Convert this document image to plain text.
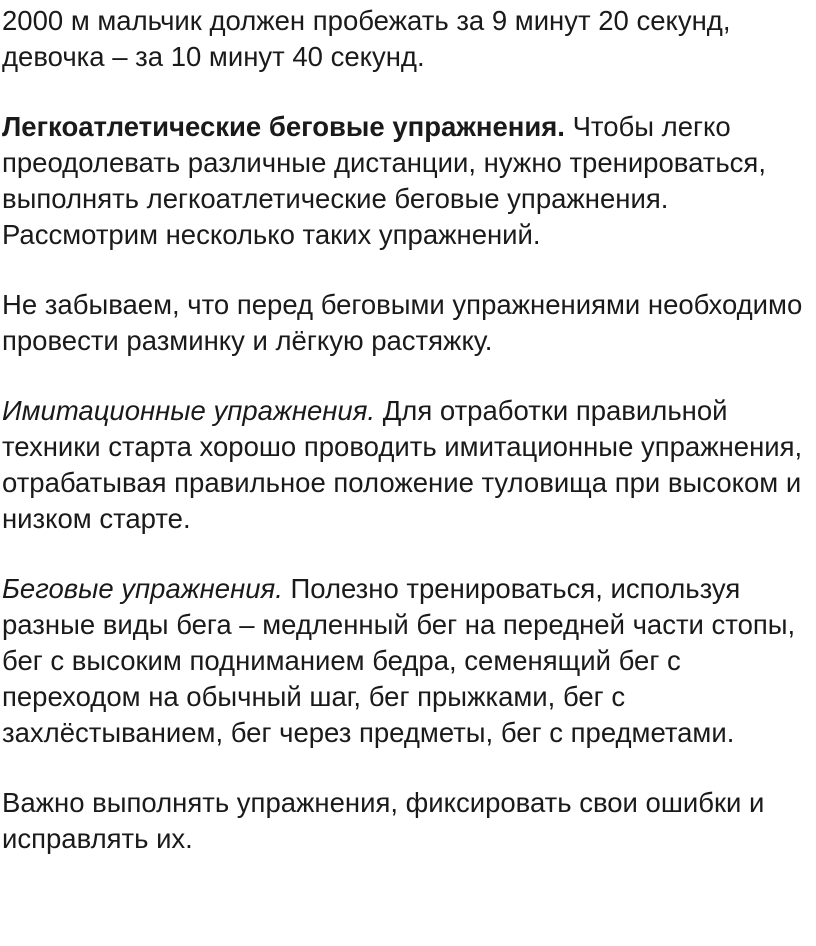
2000 м мальчик должен пробежать за 9 минут 20 секунд, девочка – за 10 минут 40 секунд.

Легкоатлетические беговые упражнения. Чтобы легко преодолевать различные дистанции, нужно тренироваться, выполнять легкоатлетические беговые упражнения. Рассмотрим несколько таких упражнений.

Не забываем, что перед беговыми упражнениями необходимо провести разминку и лёгкую растяжку.

Имитационные упражнения. Для отработки правильной техники старта хорошо проводить имитационные упражнения, отрабатывая правильное положение туловища при высоком и низком старте.

Беговые упражнения. Полезно тренироваться, используя разные виды бега – медленный бег на передней части стопы, бег с высоким подниманием бедра, семенящий бег с переходом на обычный шаг, бег прыжками, бег с захлёстыванием, бег через предметы, бег с предметами.

Важно выполнять упражнения, фиксировать свои ошибки и исправлять их.
